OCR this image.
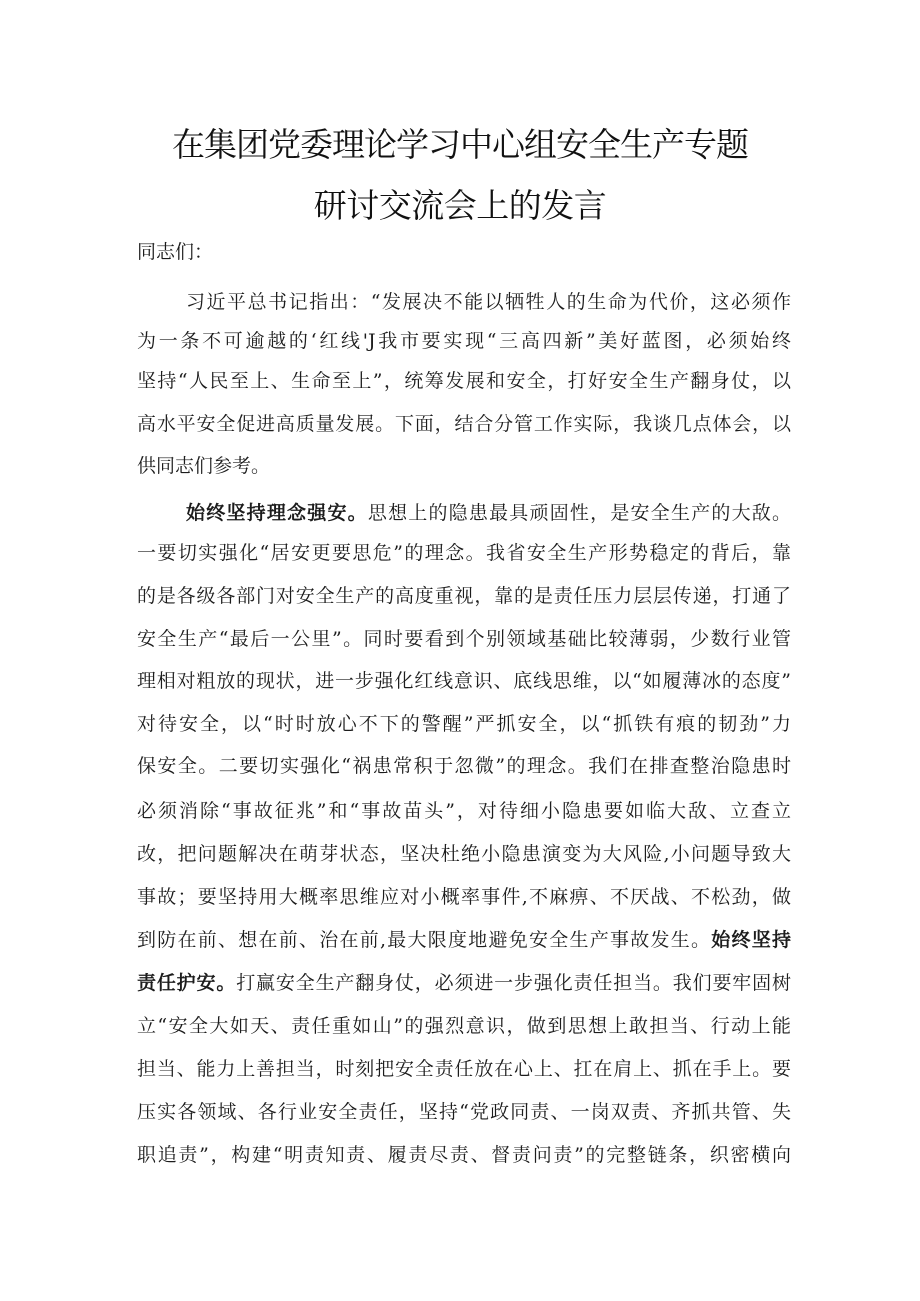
在集团党委理论学习中心组安全生产专题
研讨交流会上的发言
同志们：
习近平总书记指出：“发展决不能以牺牲人的生命为代价，这必须作
为一条不可逾越的‘红线'J我市要实现“三高四新”美好蓝图，必须始终
坚持“人民至上、生命至上”，统筹发展和安全，打好安全生产翻身仗，以
高水平安全促进高质量发展。下面，结合分管工作实际，我谈几点体会，以
供同志们参考。
始终坚持理念强安。思想上的隐患最具顽固性，是安全生产的大敌。
一要切实强化“居安更要思危”的理念。我省安全生产形势稳定的背后，靠
的是各级各部门对安全生产的高度重视，靠的是责任压力层层传递，打通了
安全生产“最后一公里”。同时要看到个别领域基础比较薄弱，少数行业管
理相对粗放的现状，进一步强化红线意识、底线思维，以“如履薄冰的态度”
对待安全，以“时时放心不下的警醒”严抓安全，以“抓铁有痕的韧劲”力
保安全。二要切实强化“祸患常积于忽微”的理念。我们在排查整治隐患时
必须消除“事故征兆”和“事故苗头”，对待细小隐患要如临大敌、立查立
改，把问题解决在萌芽状态，坚决杜绝小隐患演变为大风险,小问题导致大
事故；要坚持用大概率思维应对小概率事件,不麻痹、不厌战、不松劲，做
到防在前、想在前、治在前,最大限度地避免安全生产事故发生。始终坚持
责任护安。打赢安全生产翻身仗，必须进一步强化责任担当。我们要牢固树
立“安全大如天、责任重如山”的强烈意识，做到思想上敢担当、行动上能
担当、能力上善担当，时刻把安全责任放在心上、扛在肩上、抓在手上。要
压实各领域、各行业安全责任，坚持“党政同责、一岗双责、齐抓共管、失
职追责”，构建“明责知责、履责尽责、督责问责”的完整链条，织密横向
